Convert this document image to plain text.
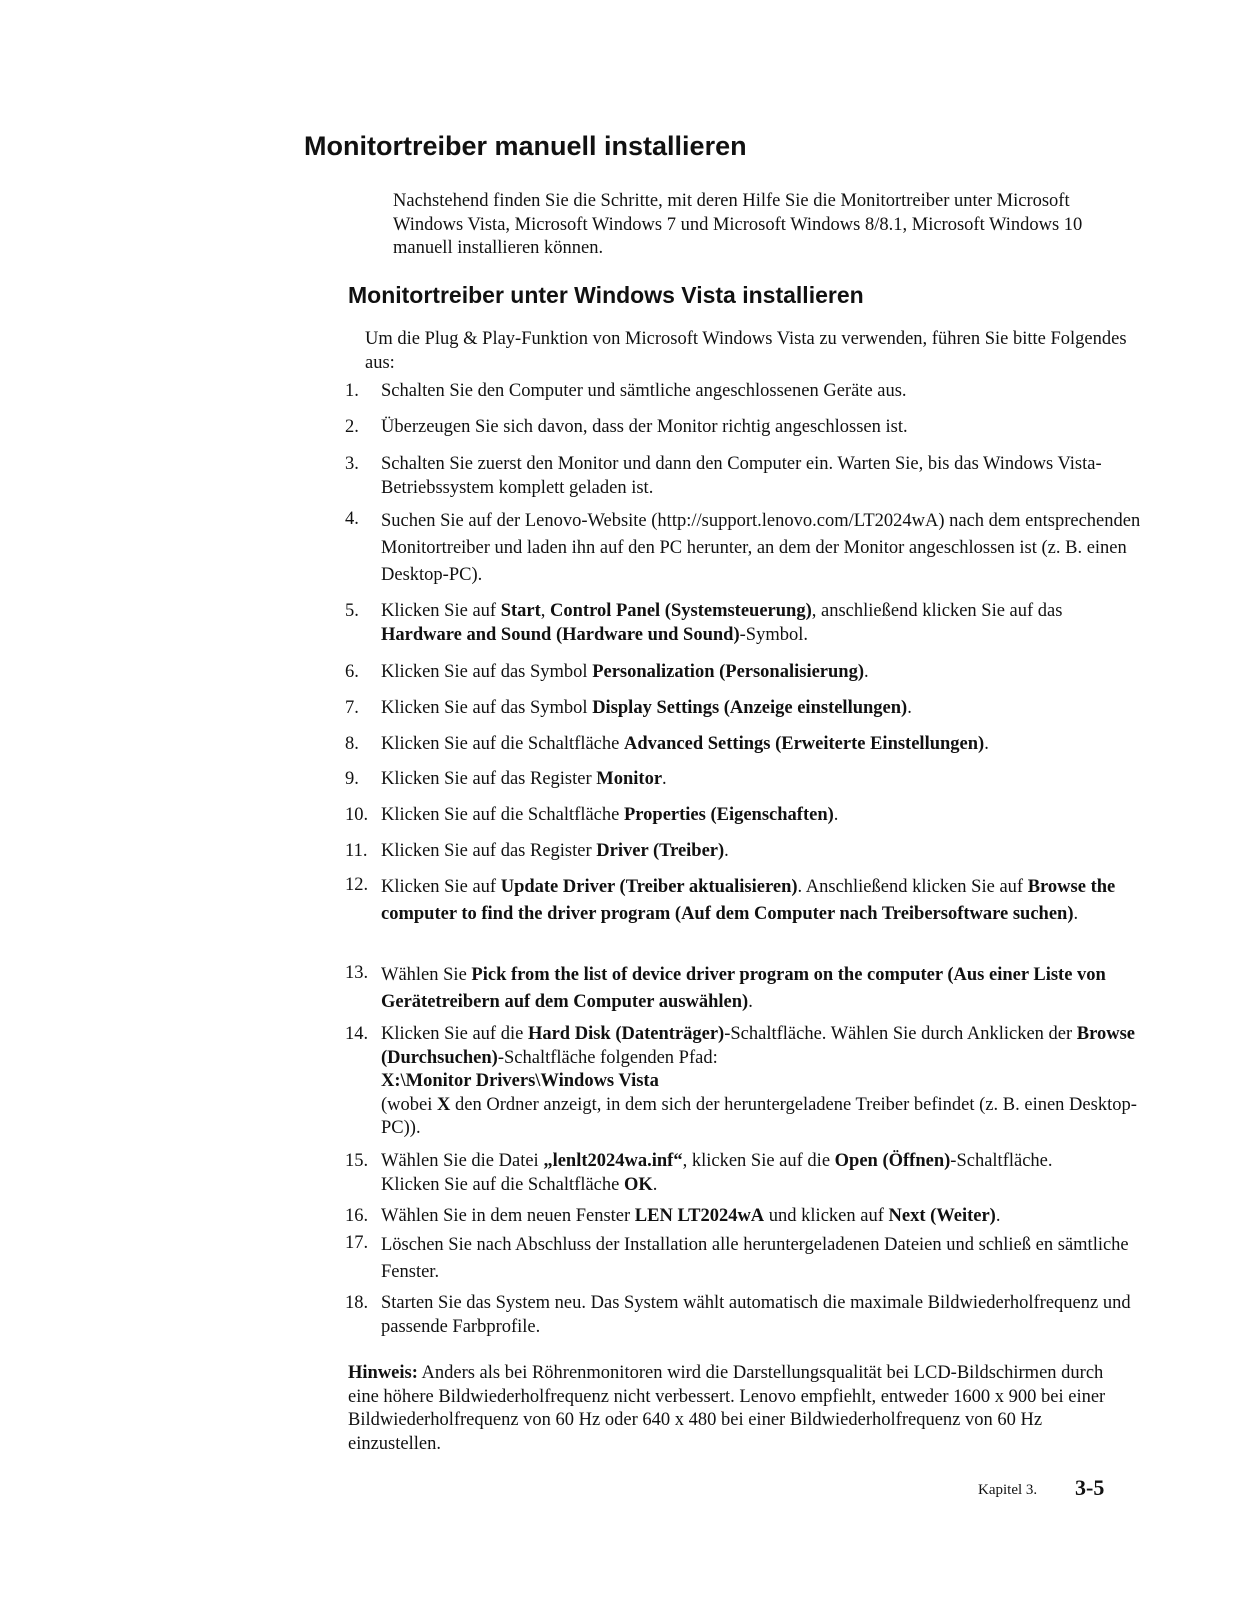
Monitortreiber manuell installieren

Nachstehend finden Sie die Schritte, mit deren Hilfe Sie die Monitortreiber unter Microsoft Windows Vista, Microsoft Windows 7 und Microsoft Windows 8/8.1, Microsoft Windows 10 manuell installieren können.

Monitortreiber unter Windows Vista installieren

Um die Plug & Play-Funktion von Microsoft Windows Vista zu verwenden, führen Sie bitte Folgendes aus:

1.	Schalten Sie den Computer und sämtliche angeschlossenen Geräte aus.
2.	Überzeugen Sie sich davon, dass der Monitor richtig angeschlossen ist.
3.	Schalten Sie zuerst den Monitor und dann den Computer ein. Warten Sie, bis das Windows Vista-Betriebssystem komplett geladen ist.
4.	Suchen Sie auf der Lenovo-Website (http://support.lenovo.com/LT2024wA) nach dem entsprechenden Monitortreiber und laden ihn auf den PC herunter, an dem der Monitor angeschlossen ist (z. B. einen Desktop-PC).
5.	Klicken Sie auf Start, Control Panel (Systemsteuerung), anschließend klicken Sie auf das Hardware and Sound (Hardware und Sound)-Symbol.
6.	Klicken Sie auf das Symbol Personalization (Personalisierung).
7.	Klicken Sie auf das Symbol Display Settings (Anzeige einstellungen).
8.	Klicken Sie auf die Schaltfläche Advanced Settings (Erweiterte Einstellungen).
9.	Klicken Sie auf das Register Monitor.
10. Klicken Sie auf die Schaltfläche Properties (Eigenschaften).
11. Klicken Sie auf das Register Driver (Treiber).
12. Klicken Sie auf Update Driver (Treiber aktualisieren). Anschließend klicken Sie auf Browse the computer to find the driver program (Auf dem Computer nach Treibersoftware suchen).
13. Wählen Sie Pick from the list of device driver program on the computer (Aus einer Liste von Gerätetreibern auf dem Computer auswählen).
14. Klicken Sie auf die Hard Disk (Datenträger)-Schaltfläche. Wählen Sie durch Anklicken der Browse (Durchsuchen)-Schaltfläche folgenden Pfad:
X:\Monitor Drivers\Windows Vista
(wobei X den Ordner anzeigt, in dem sich der heruntergeladene Treiber befindet (z. B. einen Desktop-PC)).
15. Wählen Sie die Datei „lenlt2024wa.inf“, klicken Sie auf die Open (Öffnen)-Schaltfläche.
Klicken Sie auf die Schaltfläche OK.
16. Wählen Sie in dem neuen Fenster LEN LT2024wA und klicken auf Next (Weiter).
17. Löschen Sie nach Abschluss der Installation alle heruntergeladenen Dateien und schließ en sämtliche Fenster.
18. Starten Sie das System neu. Das System wählt automatisch die maximale Bildwiederholfrequenz und passende Farbprofile.

Hinweis: Anders als bei Röhrenmonitoren wird die Darstellungsqualität bei LCD-Bildschirmen durch eine höhere Bildwiederholfrequenz nicht verbessert. Lenovo empfiehlt, entweder 1600 x 900 bei einer Bildwiederholfrequenz von 60 Hz oder 640 x 480 bei einer Bildwiederholfrequenz von 60 Hz einzustellen.

Kapitel 3. 3-5
